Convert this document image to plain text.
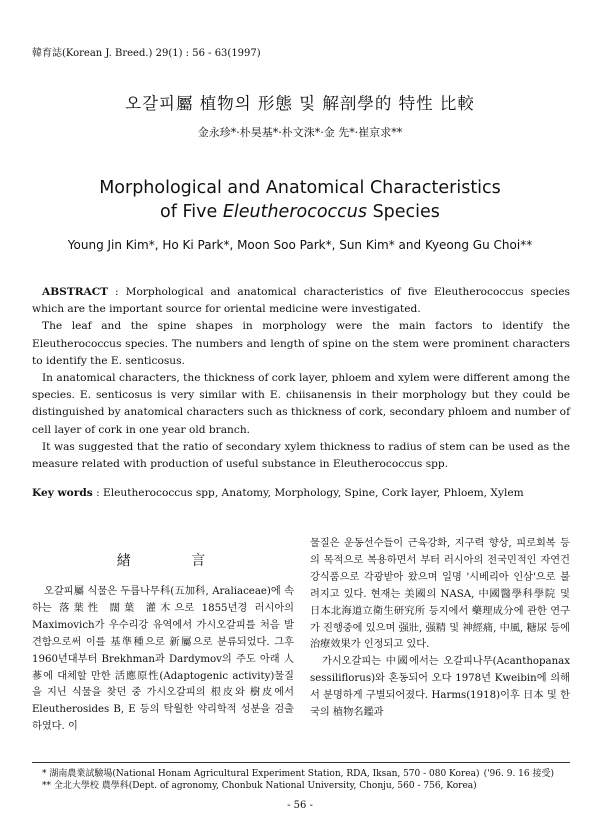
韓育誌(Korean J. Breed.) 29(1) : 56 - 63(1997)
오갈피屬 植物의 形態 및 解剖學的 特性 比較
金永珍*·朴昊基*·朴文洙*·金 先*·崔京求**
Morphological and Anatomical Characteristics
of Five Eleutherococcus Species
Young Jin Kim*, Ho Ki Park*, Moon Soo Park*, Sun Kim* and Kyeong Gu Choi**

ABSTRACT : Morphological and anatomical characteristics of five Eleutherococcus species which are the important source for oriental medicine were investigated.

The leaf and the spine shapes in morphology were the main factors to identify the Eleutherococcus species. The numbers and length of spine on the stem were prominent characters to identify the E. senticosus.

In anatomical characters, the thickness of cork layer, phloem and xylem were different among the species. E. senticosus is very similar with E. chiisanensis in their morphology but they could be distinguished by anatomical characters such as thickness of cork, secondary phloem and number of cell layer of cork in one year old branch.

It was suggested that the ratio of secondary xylem thickness to radius of stem can be used as the measure related with production of useful substance in Eleutherococcus spp.

Key words : Eleutherococcus spp, Anatomy, Morphology, Spine, Cork layer, Phloem, Xylem
緖 言

오갈피屬 식물은 두릅나무科(五加科, Araliaceae)에 속하는 落葉性 闊葉 灌木으로 1855년경 러시아의 Maximovich가 우수리강 유역에서 가시오갈피를 처음 발견함으로써 이를 基準種으로 新屬으로 분류되었다. 그후 1960년대부터 Brekhman과 Dardymov의 주도 아래 人蔘에 대체할 만한 活應原性(Adaptogenic activity)물질을 지닌 식물을 찾던 중 가시오갈피의 根皮와 樹皮에서 Eleutherosides B, E 등의 탁월한 약리학적 성분을 검출하였다. 이

물질은 운동선수들이 근육강화, 지구력 향상, 피로회복 등의 목적으로 복용하면서 부터 러시아의 전국민적인 자연건강식품으로 각광받아 왔으며 일명 '시베리아 인삼'으로 불려지고 있다. 현재는 美國의 NASA, 中國醫學科學院 및 日本北海道立衛生研究所 등지에서 藥理成分에 관한 연구가 진행중에 있으며 强壯, 强精 및 神經痛, 中風, 糖尿 등에 治療效果가 인정되고 있다.

가시오갈피는 中國에서는 오갈피나무(Acanthopanax sessiliflorus)와 혼동되어 오다 1978년 Kweibin에 의해서 분명하게 구별되어졌다. Harms(1918)이후 日本 및 한국의 植物名鑑과

* 湖南農業試驗場(National Honam Agricultural Experiment Station, RDA, Iksan, 570 - 080 Korea) ('96. 9. 16 接受)
** 全北大學校 農學科(Dept. of agronomy, Chonbuk National University, Chonju, 560 - 756, Korea)
- 56 -
